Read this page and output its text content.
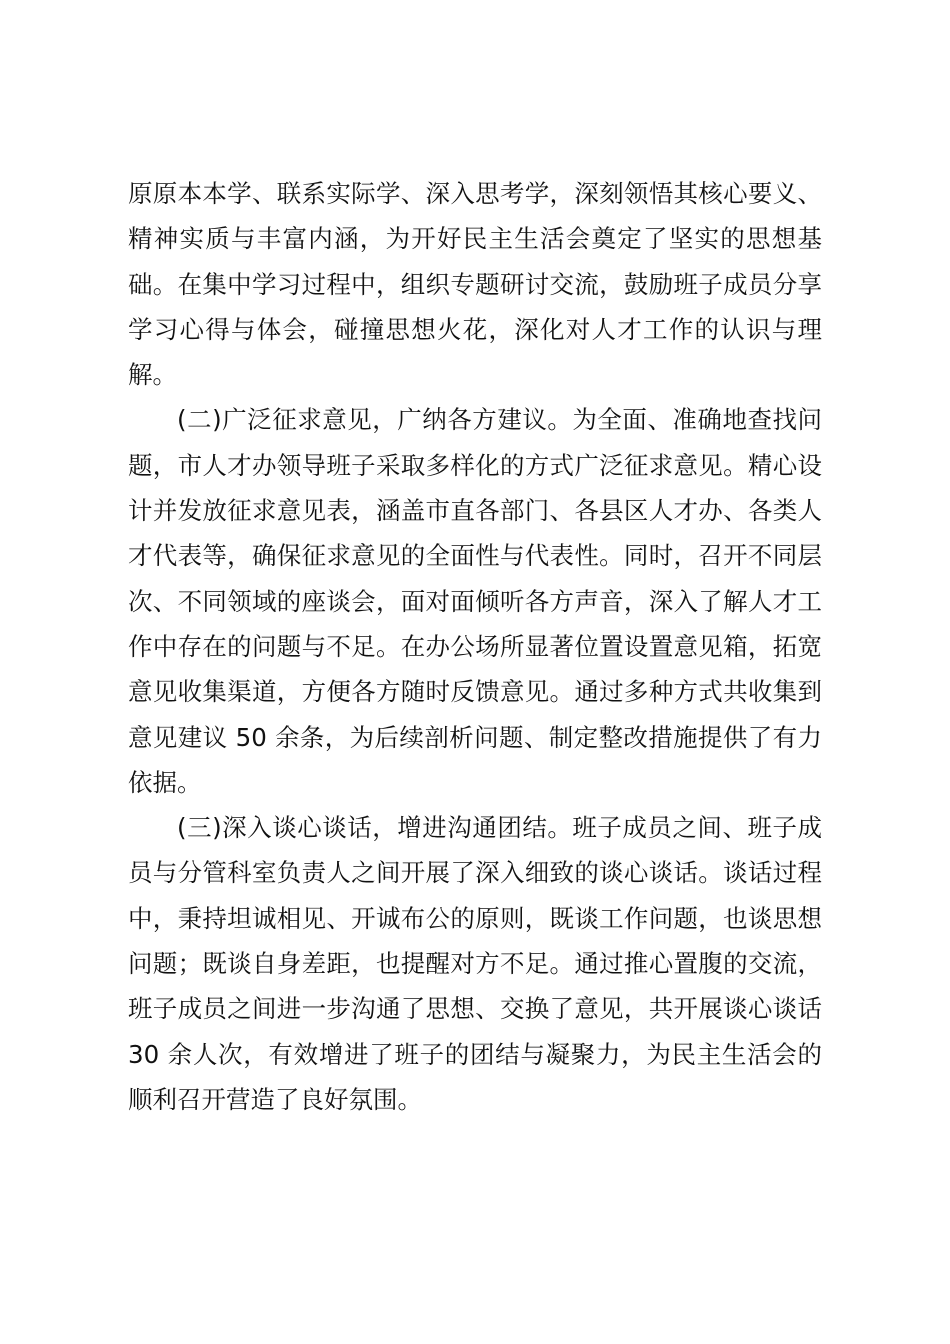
原原本本学、联系实际学、深入思考学，深刻领悟其核心要义、精神实质与丰富内涵，为开好民主生活会奠定了坚实的思想基础。在集中学习过程中，组织专题研讨交流，鼓励班子成员分享学习心得与体会，碰撞思想火花，深化对人才工作的认识与理解。

(二)广泛征求意见，广纳各方建议。为全面、准确地查找问题，市人才办领导班子采取多样化的方式广泛征求意见。精心设计并发放征求意见表，涵盖市直各部门、各县区人才办、各类人才代表等，确保征求意见的全面性与代表性。同时，召开不同层次、不同领域的座谈会，面对面倾听各方声音，深入了解人才工作中存在的问题与不足。在办公场所显著位置设置意见箱，拓宽意见收集渠道，方便各方随时反馈意见。通过多种方式共收集到意见建议 50 余条，为后续剖析问题、制定整改措施提供了有力依据。

(三)深入谈心谈话，增进沟通团结。班子成员之间、班子成员与分管科室负责人之间开展了深入细致的谈心谈话。谈话过程中，秉持坦诚相见、开诚布公的原则，既谈工作问题，也谈思想问题；既谈自身差距，也提醒对方不足。通过推心置腹的交流，班子成员之间进一步沟通了思想、交换了意见，共开展谈心谈话 30 余人次，有效增进了班子的团结与凝聚力，为民主生活会的顺利召开营造了良好氛围。
